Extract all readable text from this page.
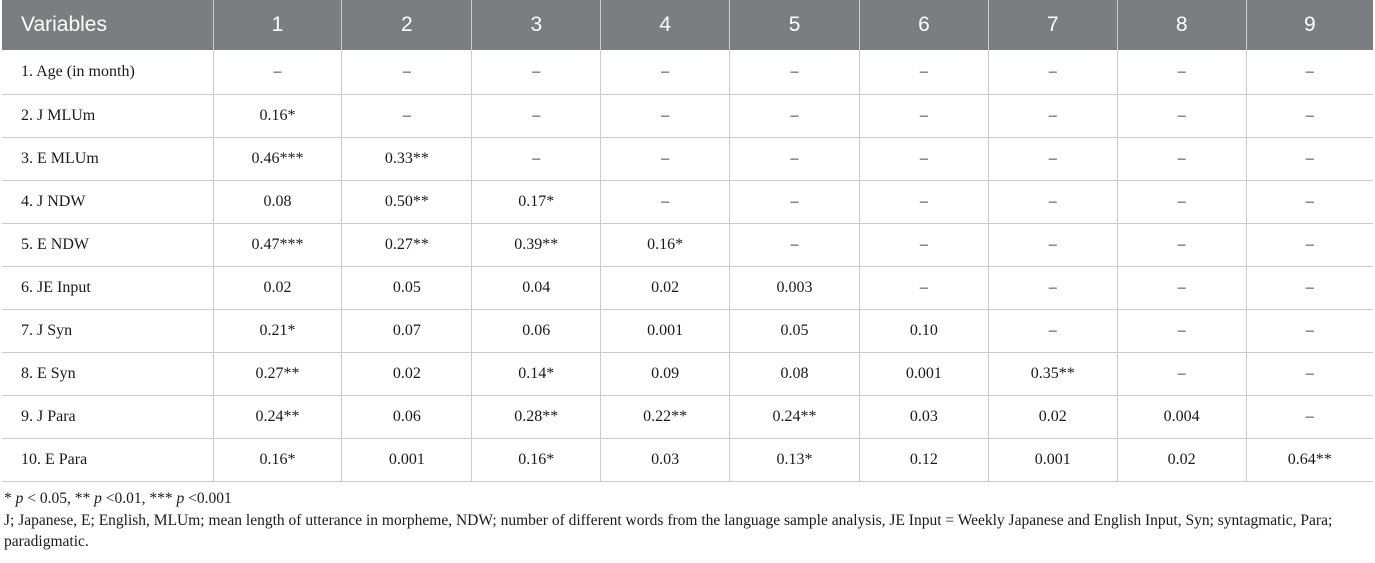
Variables	1	2	3	4	5	6	7	8	9
1. Age (in month)	–	–	–	–	–	–	–	–	–
2. J MLUm	0.16*	–	–	–	–	–	–	–	–
3. E MLUm	0.46***	0.33**	–	–	–	–	–	–	–
4. J NDW	0.08	0.50**	0.17*	–	–	–	–	–	–
5. E NDW	0.47***	0.27**	0.39**	0.16*	–	–	–	–	–
6. JE Input	0.02	0.05	0.04	0.02	0.003	–	–	–	–
7. J Syn	0.21*	0.07	0.06	0.001	0.05	0.10	–	–	–
8. E Syn	0.27**	0.02	0.14*	0.09	0.08	0.001	0.35**	–	–
9. J Para	0.24**	0.06	0.28**	0.22**	0.24**	0.03	0.02	0.004	–
10. E Para	0.16*	0.001	0.16*	0.03	0.13*	0.12	0.001	0.02	0.64**

* p < 0.05, ** p <0.01, *** p <0.001

J; Japanese, E; English, MLUm; mean length of utterance in morpheme, NDW; number of different words from the language sample analysis, JE Input = Weekly Japanese and English Input, Syn; syntagmatic, Para; paradigmatic.
